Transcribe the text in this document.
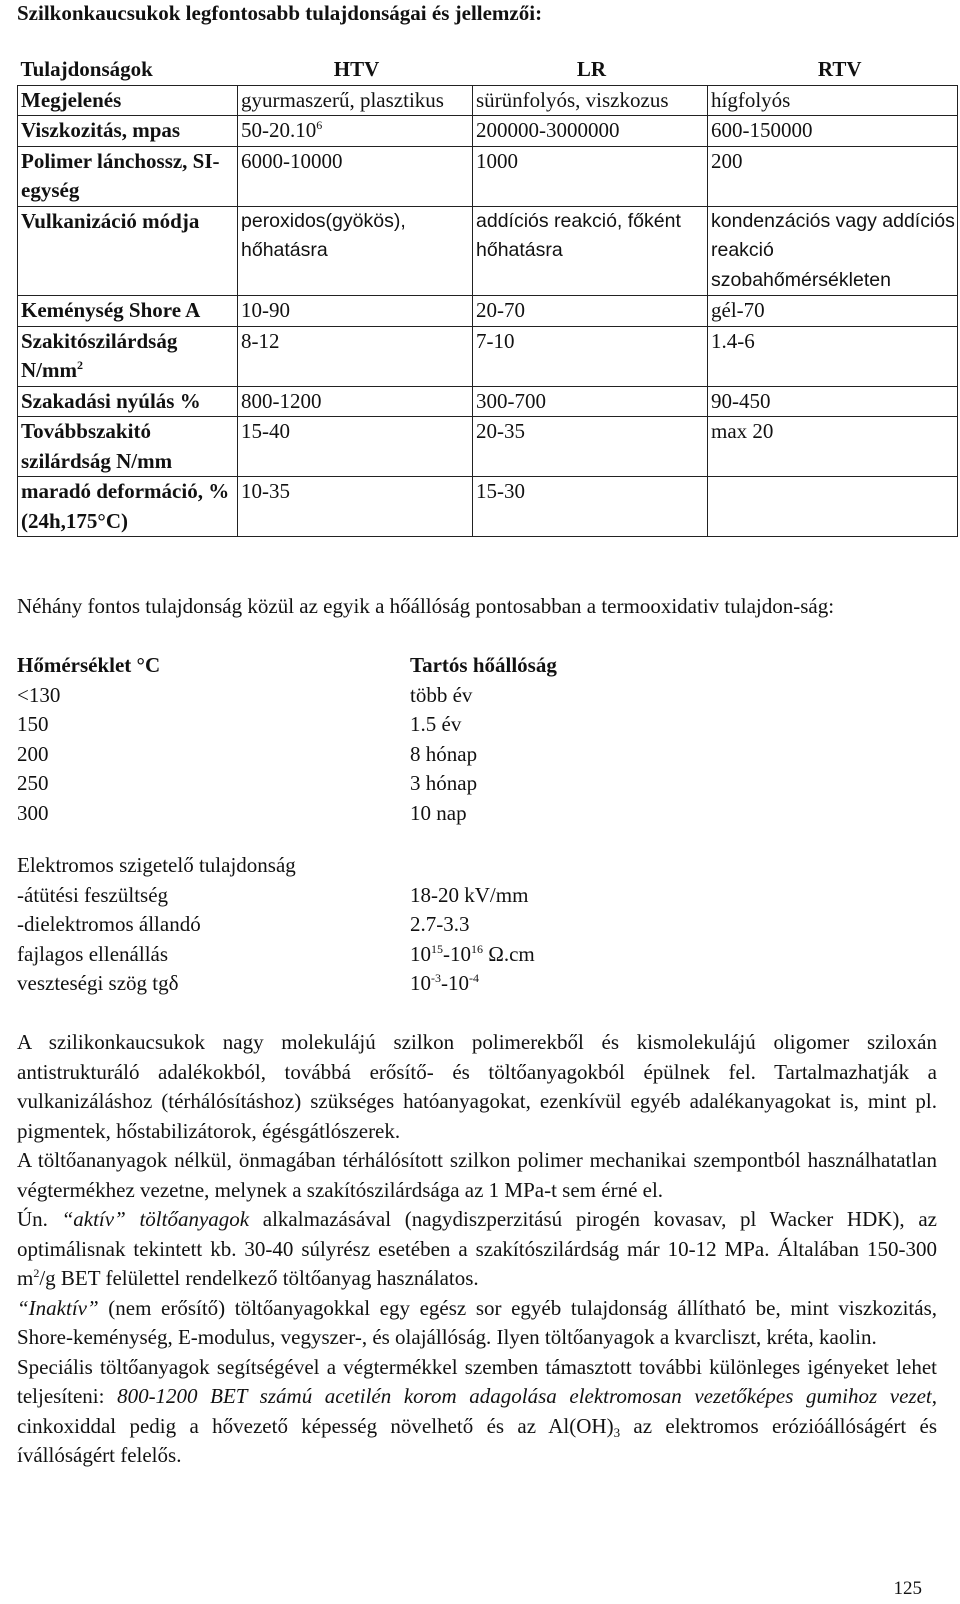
Szilkonkaucsukok legfontosabb tulajdonságai és jellemzői:
Tulajdonságok	HTV	LR	RTV
Megjelenés	gyurmaszerű, plasztikus	sürünfolyós, viszkozus	hígfolyós
Viszkozitás, mpas	50-20.10$^6$	200000-3000000	600-150000
Polimer lánchossz, SI-egység	6000-10000	1000	200
Vulkanizáció módja	peroxidos(gyökös), hőhatásra	addíciós reakció, főként hőhatásra	kondenzációs vagy addíciós reakció szobahőmérsékleten
Keménység Shore A	10-90	20-70	gél-70
Szakitószilárdság $N/mm^2$	8-12	7-10	1.4-6
Szakadási nyúlás %	800-1200	300-700	90-450
Továbbszakitó szilárdság N/mm	15-40	20-35	max 20
maradó deformáció, % (24h,175°C)	10-35	15-30	
Néhány fontos tulajdonság közül az egyik a hőállóság pontosabban a termooxidativ tulajdon-ság:
Hőmérséklet °C	Tartós hőállóság
<130	több év
150	1.5 év
200	8 hónap
250	3 hónap
300	10 nap
Elektromos szigetelő tulajdonság
-átütési feszültség	18-20 kV/mm
-dielektromos állandó	2.7-3.3
fajlagos ellenállás	$10^{15}-10^{16}$ Ω.cm
veszteségi szög tgδ	$10^{-3}-10^{-4}$

A szilikonkaucsukok nagy molekulájú szilkon polimerekből és kismolekulájú oligomer sziloxán antistrukturáló adalékokból, továbbá erősítő- és töltőanyagokból épülnek fel. Tartalmazhatják a vulkanizáláshoz (térhálósításhoz) szükséges hatóanyagokat, ezenkívül egyéb adalékanyagokat is, mint pl. pigmentek, hőstabilizátorok, égésgátlószerek.

A töltőananyagok nélkül, önmagában térhálósított szilkon polimer mechanikai szempontból használhatatlan végtermékhez vezetne, melynek a szakítószilárdsága az 1 MPa-t sem érné el.

Ún. “aktív” töltőanyagok alkalmazásával (nagydiszperzitású pirogén kovasav, pl Wacker HDK), az optimálisnak tekintett kb. 30-40 súlyrész esetében a szakítószilárdság már 10-12 MPa. Általában 150-300 $m^2/g$ BET felülettel rendelkező töltőanyag használatos.

“Inaktív” (nem erősítő) töltőanyagokkal egy egész sor egyéb tulajdonság állítható be, mint viszkozitás, Shore-keménység, E-modulus, vegyszer-, és olajállóság. Ilyen töltőanyagok a kvarcliszt, kréta, kaolin.

Speciális töltőanyagok segítségével a végtermékkel szemben támasztott további különleges igényeket lehet teljesíteni: 800-1200 BET számú acetilén korom adagolása elektromosan vezetőképes gumihoz vezet, cinkoxiddal pedig a hővezető képesség növelhető és az $Al(OH)_3$ az elektromos erózióállóságért és ívállóságért felelős.

125
